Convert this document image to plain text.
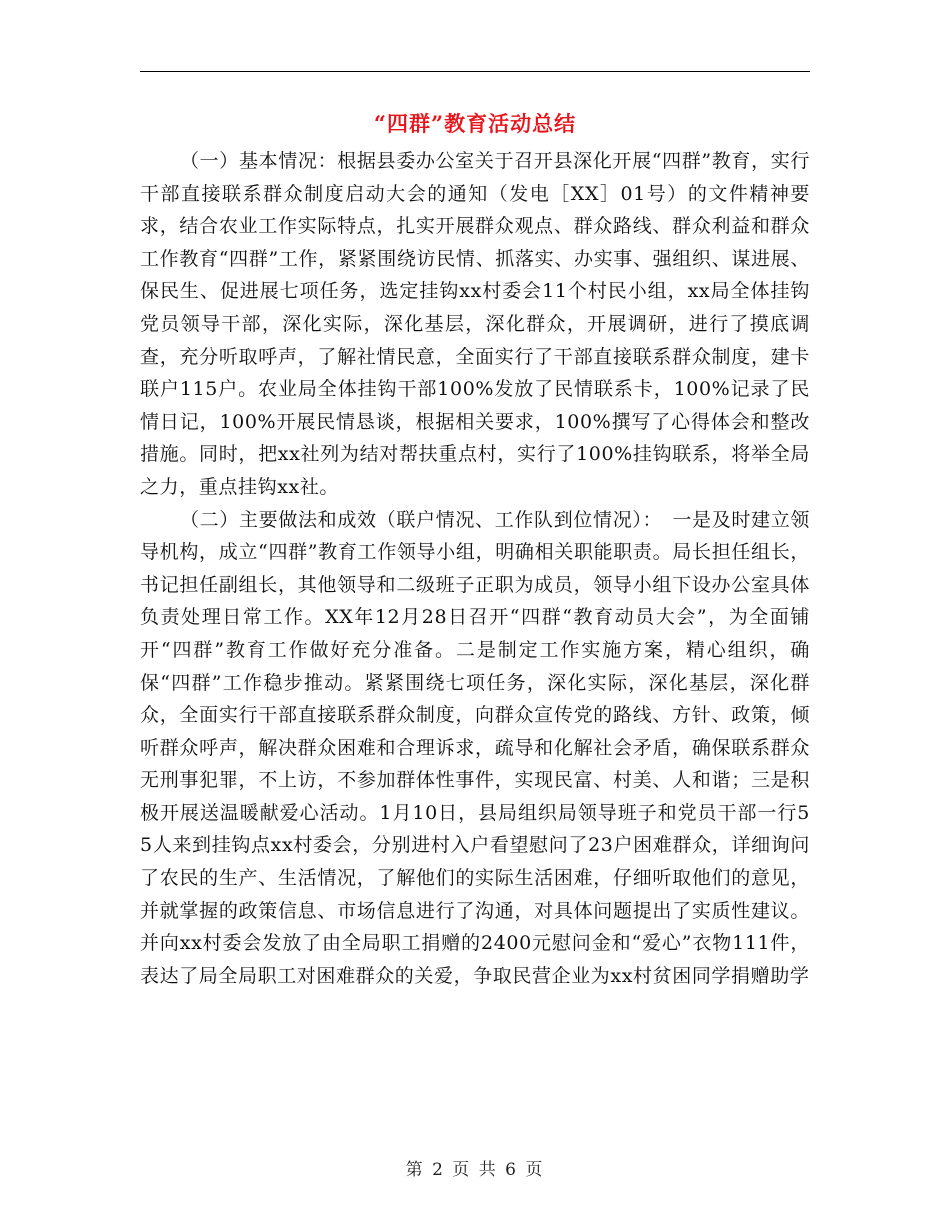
“四群”教育活动总结

（一）基本情况：根据县委办公室关于召开县深化开展“四群”教育，实行干部直接联系群众制度启动大会的通知（发电［XX］01号）的文件精神要求，结合农业工作实际特点，扎实开展群众观点、群众路线、群众利益和群众工作教育“四群”工作，紧紧围绕访民情、抓落实、办实事、强组织、谋进展、保民生、促进展七项任务，选定挂钩xx村委会11个村民小组，xx局全体挂钩党员领导干部，深化实际，深化基层，深化群众，开展调研，进行了摸底调查，充分听取呼声，了解社情民意，全面实行了干部直接联系群众制度，建卡联户115户。农业局全体挂钩干部100%发放了民情联系卡，100%记录了民情日记，100%开展民情恳谈，根据相关要求，100%撰写了心得体会和整改措施。同时，把xx社列为结对帮扶重点村，实行了100%挂钩联系，将举全局之力，重点挂钩xx社。

（二）主要做法和成效（联户情况、工作队到位情况）：　一是及时建立领导机构，成立“四群”教育工作领导小组，明确相关职能职责。局长担任组长，书记担任副组长，其他领导和二级班子正职为成员，领导小组下设办公室具体负责处理日常工作。XX年12月28日召开“四群“教育动员大会”，为全面铺开“四群”教育工作做好充分准备。二是制定工作实施方案，精心组织，确保“四群”工作稳步推动。紧紧围绕七项任务，深化实际，深化基层，深化群众，全面实行干部直接联系群众制度，向群众宣传党的路线、方针、政策，倾听群众呼声，解决群众困难和合理诉求，疏导和化解社会矛盾，确保联系群众无刑事犯罪，不上访，不参加群体性事件，实现民富、村美、人和谐；三是积极开展送温暖献爱心活动。1月10日，县局组织局领导班子和党员干部一行55人来到挂钩点xx村委会，分别进村入户看望慰问了23户困难群众，详细询问了农民的生产、生活情况，了解他们的实际生活困难，仔细听取他们的意见，并就掌握的政策信息、市场信息进行了沟通，对具体问题提出了实质性建议。并向xx村委会发放了由全局职工捐赠的2400元慰问金和“爱心”衣物111件，表达了局全局职工对困难群众的关爱，争取民营企业为xx村贫困同学捐赠助学

第 2 页 共 6 页
